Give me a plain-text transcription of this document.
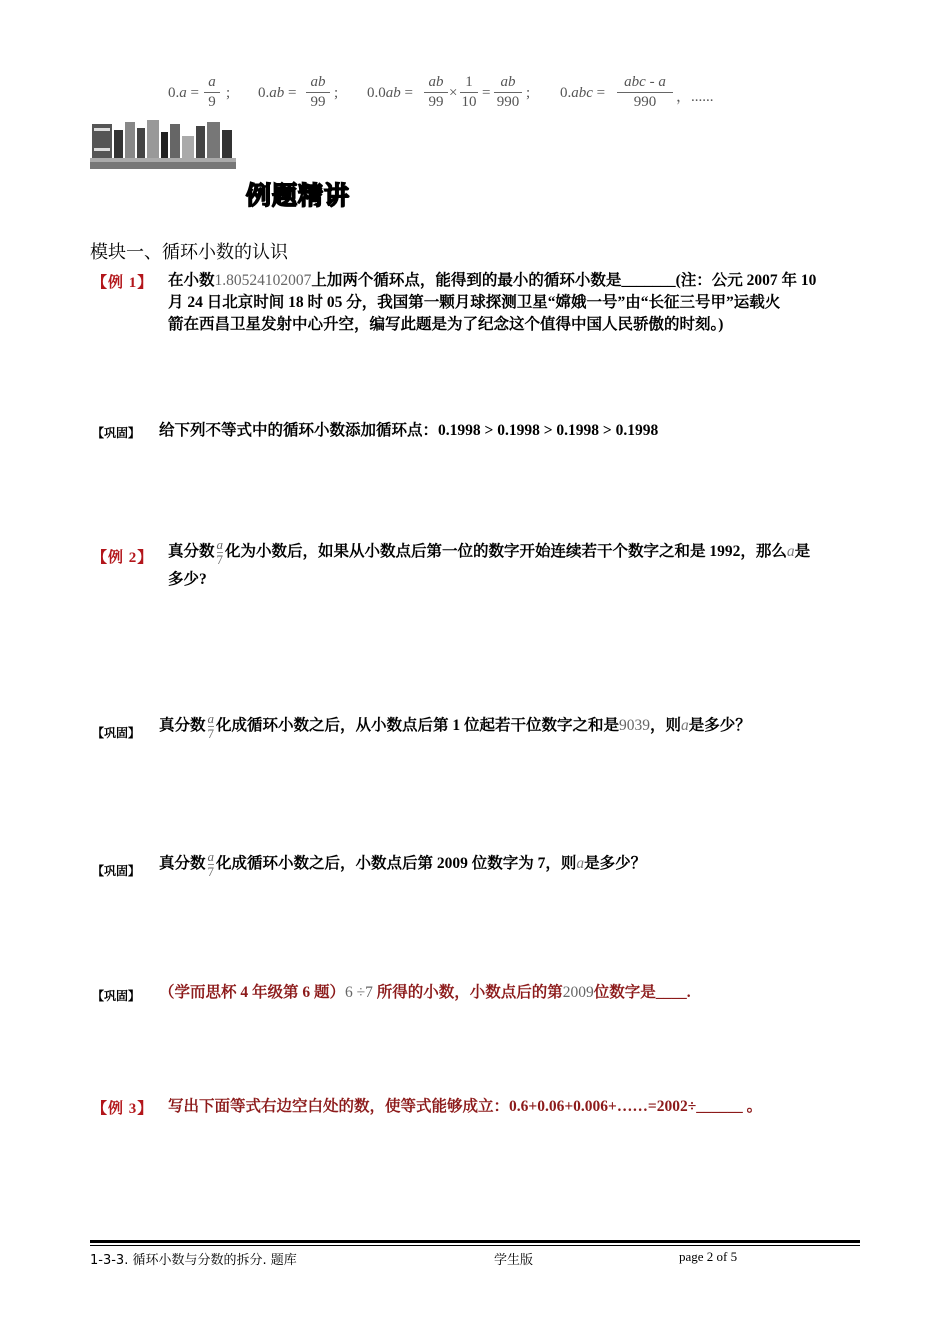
0.a =
a
9
; 0.ab =
ab
99
; 0.0ab =
ab
99
×
1
10
=
ab
990
; 0.abc =
abc - a
990	，......
例题精讲
模块一、循环小数的认识
【例 1】 在小数1.80524102007上加两个循环点，能得到的最小的循环小数是_______(注：公元 2007 年 10
月 24 日北京时间 18 时 05 分，我国第一颗月球探测卫星“嫦娥一号”由“长征三号甲”运载火
箭在西昌卫星发射中心升空，编写此题是为了纪念这个值得中国人民骄傲的时刻。)
【巩固】 给下列不等式中的循环小数添加循环点：0.1998 > 0.1998 > 0.1998 > 0.1998
【例 2】 真分数 $\frac{a}{7}$ 化为小数后，如果从小数点后第一位的数字开始连续若干个数字之和是 1992，那么a是
多少?
【巩固】 真分数 $\frac{a}{7}$ 化成循环小数之后，从小数点后第 1 位起若干位数字之和是9039，则a是多少？
【巩固】 真分数 $\frac{a}{7}$ 化成循环小数之后，小数点后第 2009 位数字为 7，则a是多少？
【巩固】 （学而思杯 4 年级第 6 题）6 ÷7 所得的小数，小数点后的第2009位数字是____.
【例 3】 写出下面等式右边空白处的数，使等式能够成立：0.6+0.06+0.006+……=2002÷______ 。
1-3-3. 循环小数与分数的拆分. 题库	学生版	page 2 of 5
